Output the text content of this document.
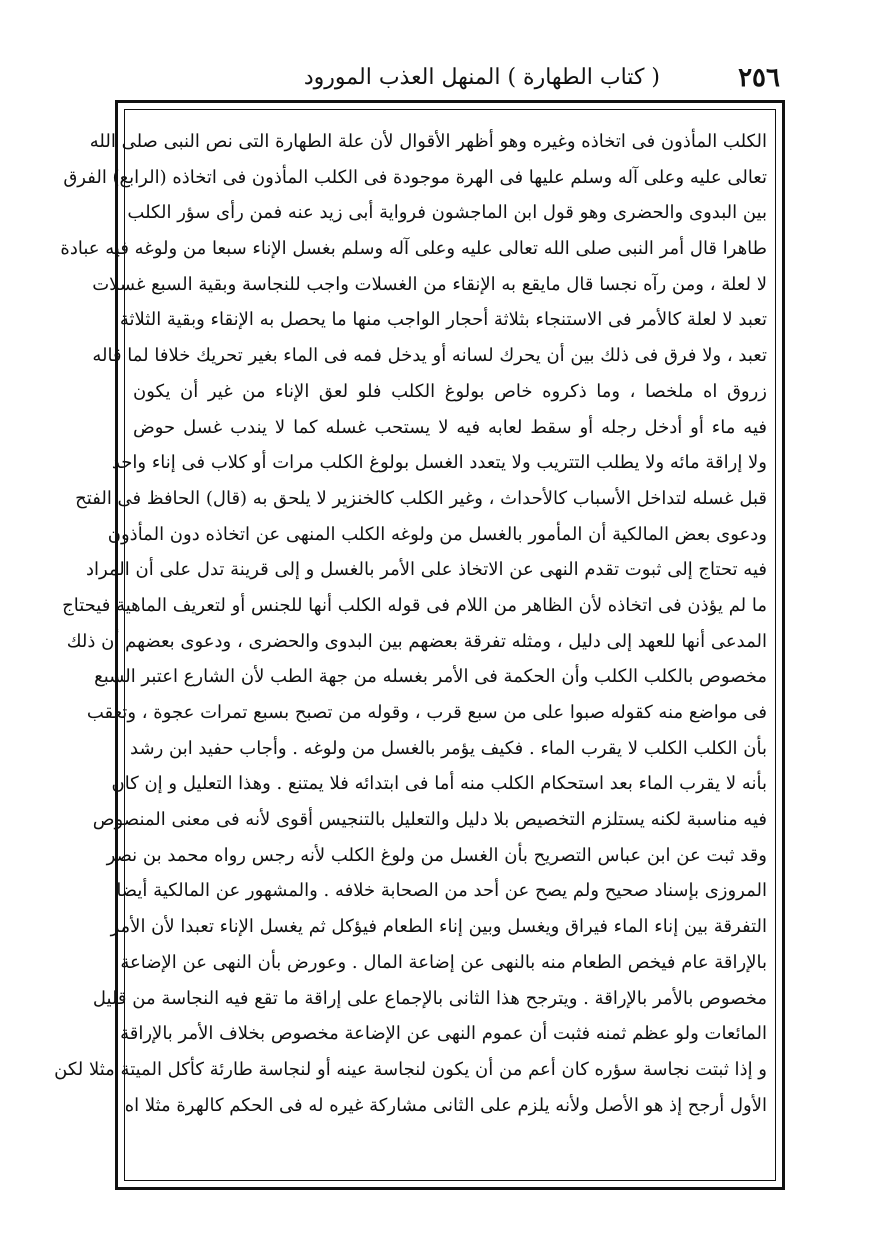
٢٥٦
( كتاب الطهارة ) المنهل العذب المورود
الكلب المأذون فى اتخاذه وغيره وهو أظهر الأقوال لأن علة الطهارة التى نص النبى صلى الله
تعالى عليه وعلى آله وسلم عليها فى الهرة موجودة فى الكلب المأذون فى اتخاذه (الرابع) الفرق
بين البدوى والحضرى وهو قول ابن الماجشون فرواية أبى زيد عنه فمن رأى سؤر الكلب
طاهرا قال أمر النبى صلى الله تعالى عليه وعلى آله وسلم بغسل الإناء سبعا من ولوغه فيه عبادة
لا لعلة ، ومن رآه نجسا قال مايقع به الإنقاء من الغسلات واجب للنجاسة وبقية السبع غسلات
تعبد لا لعلة كالأمر فى الاستنجاء بثلاثة أحجار الواجب منها ما يحصل به الإنقاء وبقية الثلاثة
تعبد ، ولا فرق فى ذلك بين أن يحرك لسانه أو يدخل فمه فى الماء بغير تحريك خلافا لما قاله
زروق اه ملخصا ، وما ذكروه خاص بولوغ الكلب فلو لعق الإناء من غير أن يكون
فيه ماء أو أدخل رجله أو سقط لعابه فيه لا يستحب غسله كما لا يندب غسل حوض
ولا إراقة مائه ولا يطلب التتريب ولا يتعدد الغسل بولوغ الكلب مرات أو كلاب فى إناء واحد
قبل غسله لتداخل الأسباب كالأحداث ، وغير الكلب كالخنزير لا يلحق به (قال) الحافظ فى الفتح
ودعوى بعض المالكية أن المأمور بالغسل من ولوغه الكلب المنهى عن اتخاذه دون المأذون
فيه تحتاج إلى ثبوت تقدم النهى عن الاتخاذ على الأمر بالغسل و إلى قرينة تدل على أن المراد
ما لم يؤذن فى اتخاذه لأن الظاهر من اللام فى قوله الكلب أنها للجنس أو لتعريف الماهية فيحتاج
المدعى أنها للعهد إلى دليل ، ومثله تفرقة بعضهم بين البدوى والحضرى ، ودعوى بعضهم أن ذلك
مخصوص بالكلب الكلب وأن الحكمة فى الأمر بغسله من جهة الطب لأن الشارع اعتبر السبع
فى مواضع منه كقوله صبوا على من سبع قرب ، وقوله من تصبح بسبع تمرات عجوة ، وتعقب
بأن الكلب الكلب لا يقرب الماء . فكيف يؤمر بالغسل من ولوغه . وأجاب حفيد ابن رشد
بأنه لا يقرب الماء بعد استحكام الكلب منه أما فى ابتدائه فلا يمتنع . وهذا التعليل و إن كان
فيه مناسبة لكنه يستلزم التخصيص بلا دليل والتعليل بالتنجيس أقوى لأنه فى معنى المنصوص
وقد ثبت عن ابن عباس التصريح بأن الغسل من ولوغ الكلب لأنه رجس رواه محمد بن نصر
المروزى بإسناد صحيح ولم يصح عن أحد من الصحابة خلافه . والمشهور عن المالكية أيضا
التفرقة بين إناء الماء فيراق ويغسل وبين إناء الطعام فيؤكل ثم يغسل الإناء تعبدا لأن الأمر
بالإراقة عام فيخص الطعام منه بالنهى عن إضاعة المال . وعورض بأن النهى عن الإضاعة
مخصوص بالأمر بالإراقة . ويترجح هذا الثانى بالإجماع على إراقة ما تقع فيه النجاسة من قليل
المائعات ولو عظم ثمنه فثبت أن عموم النهى عن الإضاعة مخصوص بخلاف الأمر بالإراقة
و إذا ثبتت نجاسة سؤره كان أعم من أن يكون لنجاسة عينه أو لنجاسة طارئة كأكل الميتة مثلا لكن
الأول أرجح إذ هو الأصل ولأنه يلزم على الثانى مشاركة غيره له فى الحكم كالهرة مثلا اه
